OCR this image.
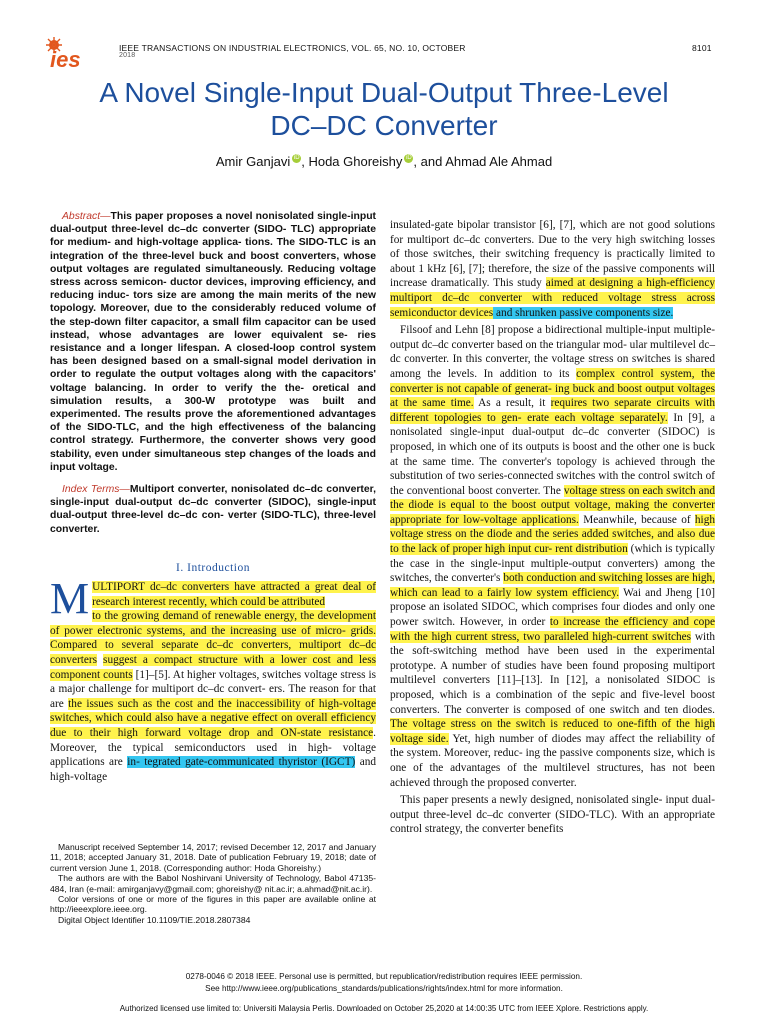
ies	IEEE TRANSACTIONS ON INDUSTRIAL ELECTRONICS, VOL. 65, NO. 10, OCTOBER
2018
8101
A Novel Single-Input Dual-Output Three-Level
DC–DC Converter
Amir Ganjavi iD , Hoda Ghoreishy iD , and Ahmad Ale Ahmad
Abstract—This paper proposes a novel nonisolated single-input dual-output three-level dc–dc converter (SIDO- TLC) appropriate for medium- and high-voltage applica- tions. The SIDO-TLC is an integration of the three-level buck and boost converters, whose output voltages are regulated simultaneously. Reducing voltage stress across semicon- ductor devices, improving efficiency, and reducing induc- tors size are among the main merits of the new topology. Moreover, due to the considerably reduced volume of the step-down filter capacitor, a small film capacitor can be used instead, whose advantages are lower equivalent se- ries resistance and a longer lifespan. A closed-loop control system has been designed based on a small-signal model derivation in order to regulate the output voltages along with the capacitors' voltage balancing. In order to verify the the- oretical and simulation results, a 300-W prototype was built and experimented. The results prove the aforementioned advantages of the SIDO-TLC, and the high effectiveness of the balancing control strategy. Furthermore, the converter shows very good stability, even under simultaneous step changes of the loads and input voltage.
Index Terms—Multiport converter, nonisolated dc–dc converter, single-input dual-output dc–dc converter (SIDOC), single-input dual-output three-level dc–dc con- verter (SIDO-TLC), three-level converter.
I. Introduction
MULTIPORT dc–dc converters have attracted a great deal of research interest recently, which could be attributed
to the growing demand of renewable energy, the development of power electronic systems, and the increasing use of micro- grids. Compared to several separate dc–dc converters, multiport dc–dc converters suggest a compact structure with a lower cost and less component counts [1]–[5]. At higher voltages, switches voltage stress is a major challenge for multiport dc–dc convert- ers. The reason for that are the issues such as the cost and the inaccessibility of high-voltage switches, which could also have a negative effect on overall efficiency due to their high forward voltage drop and ON-state resistance. Moreover, the typical semiconductors used in high- voltage applications are in- tegrated gate-communicated thyristor (IGCT) and high-voltage
Manuscript received September 14, 2017; revised December 12, 2017 and January 11, 2018; accepted January 31, 2018. Date of publication February 19, 2018; date of current version June 1, 2018. (Corresponding author: Hoda Ghoreishy.)
The authors are with the Babol Noshirvani University of Technology, Babol 47135-484, Iran (e-mail: amirganjavy@gmail.com; ghoreishy@ nit.ac.ir; a.ahmad@nit.ac.ir).
Color versions of one or more of the figures in this paper are available online at http://ieeexplore.ieee.org.
Digital Object Identifier 10.1109/TIE.2018.2807384
insulated-gate bipolar transistor [6], [7], which are not good solutions for multiport dc–dc converters. Due to the very high switching losses of those switches, their switching frequency is practically limited to about 1 kHz [6], [7]; therefore, the size of the passive components will increase dramatically. This study aimed at designing a high-efficiency multiport dc–dc converter with reduced voltage stress across semiconductor devices and shrunken passive components size.
Filsoof and Lehn [8] propose a bidirectional multiple-input multiple-output dc–dc converter based on the triangular mod- ular multilevel dc–dc converter. In this converter, the voltage stress on switches is shared among the levels. In addition to its complex control system, the converter is not capable of generat- ing buck and boost output voltages at the same time. As a result, it requires two separate circuits with different topologies to gen- erate each voltage separately. In [9], a nonisolated single-input dual-output dc–dc converter (SIDOC) is proposed, in which one of its outputs is boost and the other one is buck at the same time. The converter's topology is achieved through the substitution of two series-connected switches with the control switch of the conventional boost converter. The voltage stress on each switch and the diode is equal to the boost output voltage, making the converter appropriate for low-voltage applications. Meanwhile, because of high voltage stress on the diode and the series added switches, and also due to the lack of proper high input cur- rent distribution (which is typically the case in the single-input multiple-output converters) among the switches, the converter's both conduction and switching losses are high, which can lead to a fairly low system efficiency. Wai and Jheng [10] propose an isolated SIDOC, which comprises four diodes and only one power switch. However, in order to increase the efficiency and cope with the high current stress, two paralleled high-current switches with the soft-switching method have been used in the experimental prototype. A number of studies have been found proposing multiport multilevel converters [11]–[13]. In [12], a nonisolated SIDOC is proposed, which is a combination of the sepic and five-level boost converters. The converter is composed of one switch and ten diodes. The voltage stress on the switch is reduced to one-fifth of the high voltage side. Yet, high number of diodes may affect the reliability of the system. Moreover, reduc- ing the passive components size, which is one of the advantages of the multilevel structures, has not been achieved through the proposed converter.
This paper presents a newly designed, nonisolated single- input dual-output three-level dc–dc converter (SIDO-TLC). With an appropriate control strategy, the converter benefits
0278-0046 © 2018 IEEE. Personal use is permitted, but republication/redistribution requires IEEE permission.
See http://www.ieee.org/publications_standards/publications/rights/index.html for more information.
Authorized licensed use limited to: Universiti Malaysia Perlis. Downloaded on October 25,2020 at 14:00:35 UTC from IEEE Xplore. Restrictions apply.
